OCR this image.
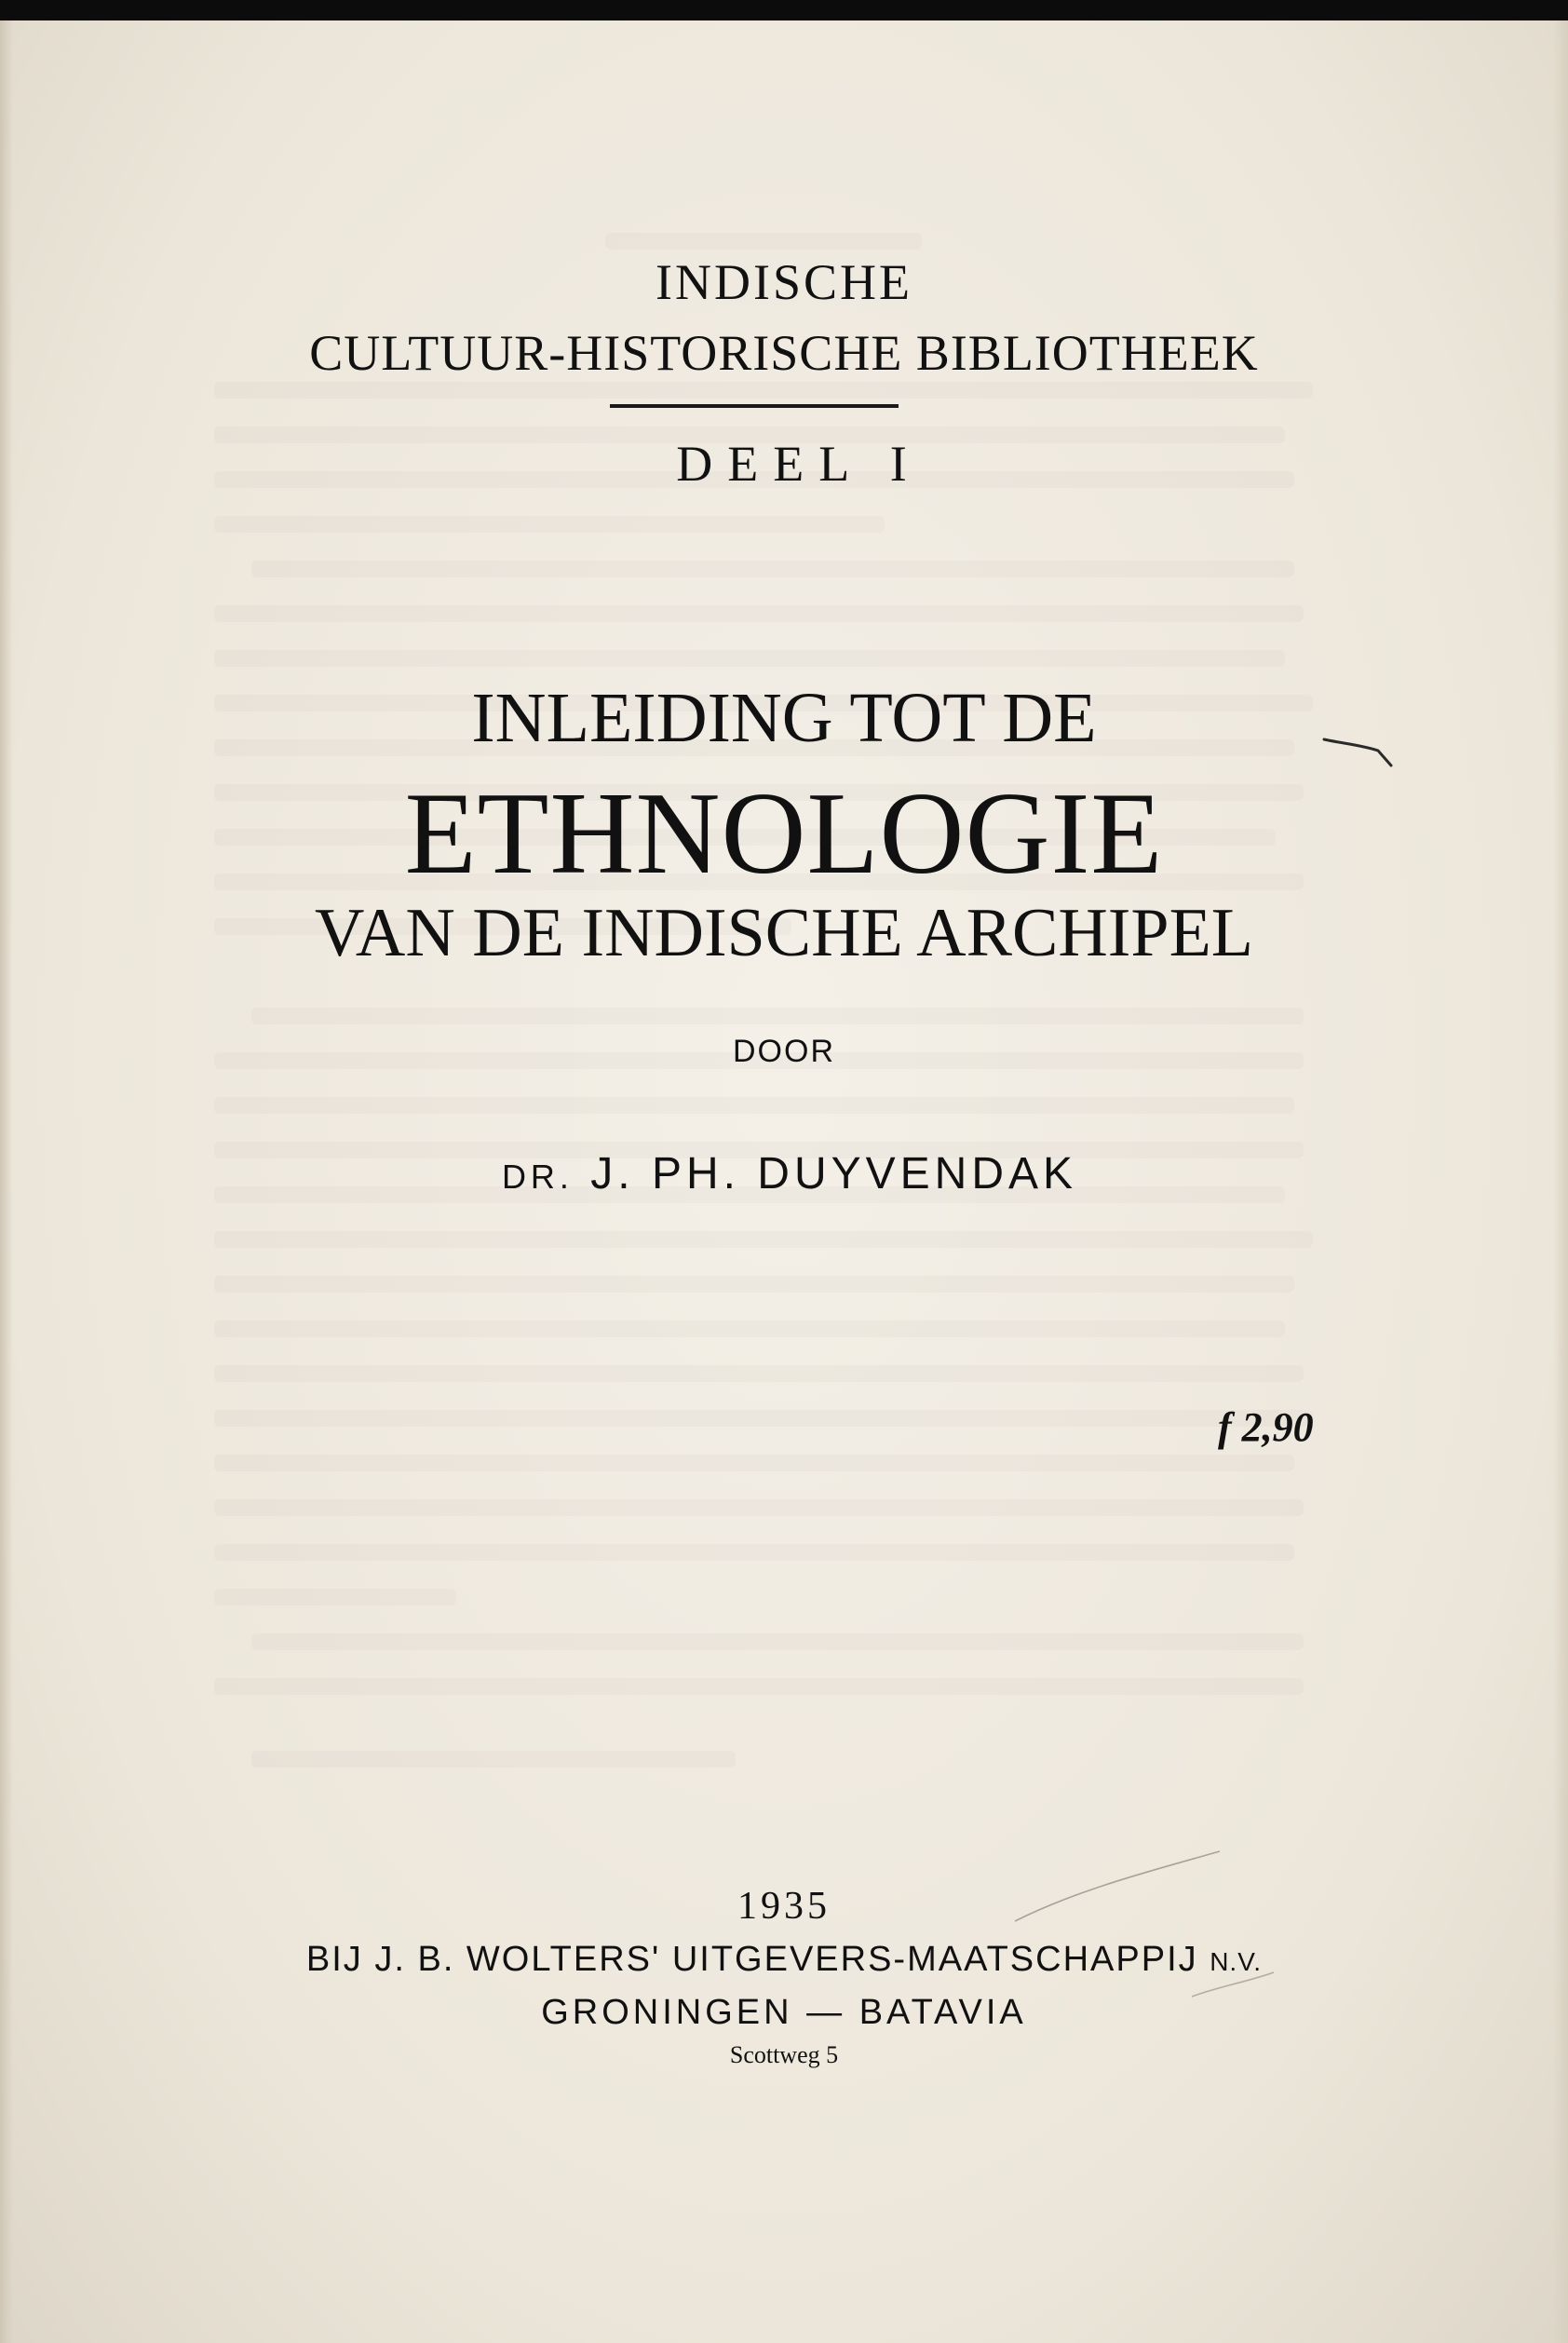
INDISCHE
CULTUUR-HISTORISCHE BIBLIOTHEEK
DEEL I
INLEIDING TOT DE
ETHNOLOGIE
VAN DE INDISCHE ARCHIPEL
DOOR
DR. J. PH. DUYVENDAK
f 2,90
1935
BIJ J. B. WOLTERS' UITGEVERS-MAATSCHAPPIJ N.V.
GRONINGEN — BATAVIA
Scottweg 5
